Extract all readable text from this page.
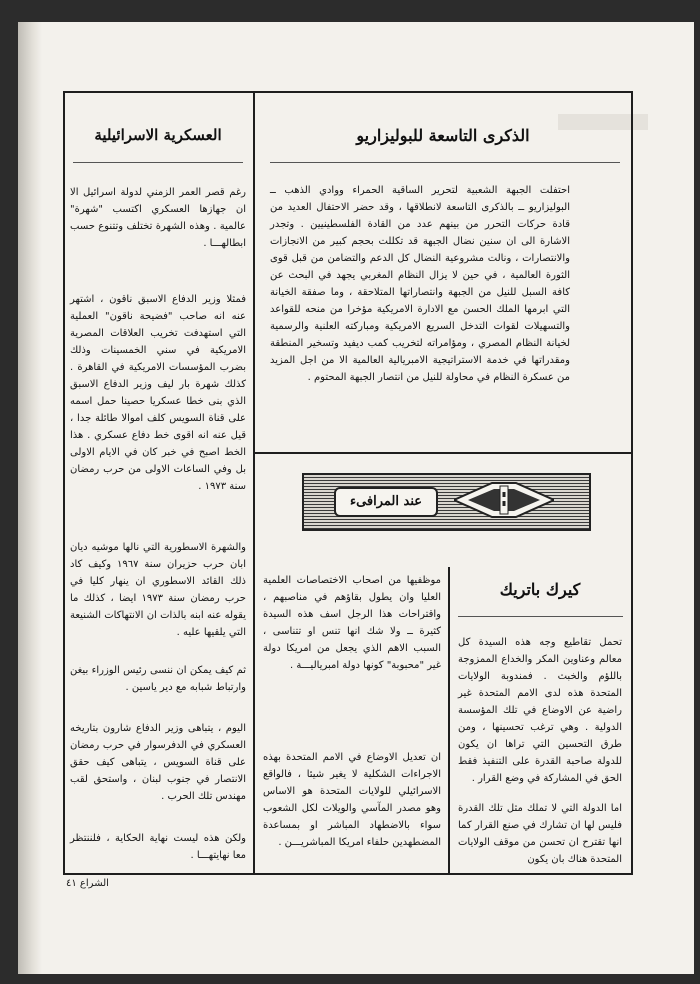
العسكرية الاسرائيلية

رغم قصر العمر الزمني لدولة اسرائيل الا ان جهازها العسكري اكتسب "شهرة" عالمية . وهذه الشهرة تختلف وتتنوع حسب ابطالهـــا .

فمثلا وزير الدفاع الاسبق ناقون ، اشتهر عنه انه صاحب "فضيحة ناقون" العملية التي استهدفت تخريب العلاقات المصرية الامريكية في سني الخمسينات وذلك بضرب المؤسسات الامريكية في القاهرة . كذلك شهرة بار ليف وزير الدفاع الاسبق الذي بنى خطا عسكريا حصينا حمل اسمه على قناة السويس كلف اموالا طائلة جدا ، قيل عنه انه اقوى خط دفاع عسكري . هذا الخط اصبح في خبر كان في الايام الاولى بل وفي الساعات الاولى من حرب رمضان سنة ١٩٧٣ .

والشهرة الاسطورية التي نالها موشيه ديان ابان حرب حزيران سنة ١٩٦٧ وكيف كاد ذلك القائد الاسطوري ان ينهار كليا في حرب رمضان سنة ١٩٧٣ ايضا ، كذلك ما يقوله عنه ابنه بالذات ان الانتهاكات الشنيعة التي يلقيها عليه .

ثم كيف يمكن ان ننسى رئيس الوزراء بيغن وارتباط شبابه مع دير ياسين .

اليوم ، يتباهى وزير الدفاع شارون بتاريخه العسكري في الدفرسوار في حرب رمضان على قناة السويس ، يتباهى كيف حقق الانتصار في جنوب لبنان ، واستحق لقب مهندس تلك الحرب .

ولكن هذه ليست نهاية الحكاية ، فلننتظر معا نهايتهـــا .

الذكرى التاسعة للبوليزاريو

احتفلت الجبهة الشعبية لتحرير الساقية الحمراء ووادي الذهب ــ البوليزاريو ــ بالذكرى التاسعة لانطلاقها ، وقد حضر الاحتفال العديد من قادة حركات التحرر من بينهم عدد من القادة الفلسطينيين . وتجدر الاشارة الى ان سنين نضال الجبهة قد تكللت بحجم كبير من الانجازات والانتصارات ، ونالت مشروعية النضال كل الدعم والتضامن من قبل قوى الثورة العالمية ، في حين لا يزال النظام المغربي يجهد في البحث عن كافة السبل للنيل من الجبهة وانتصاراتها المتلاحقة ، وما صفقة الخيانة التي ابرمها الملك الحسن مع الادارة الامريكية مؤخرا من منحه للقواعد والتسهيلات لقوات التدخل السريع الامريكية ومباركته العلنية والرسمية لخيانة النظام المصري ، ومؤامراته لتخريب كمب ديفيد وتسخير المنطقة ومقدراتها في خدمة الاستراتيجية الامبريالية العالمية الا من اجل المزيد من عسكرة النظام في محاولة للنيل من انتصار الجبهة المحتوم .

عند المرافىء

موظفيها من اصحاب الاختصاصات العلمية العليا وان يطول بقاؤهم في مناصبهم ، واقتراحات هذا الرجل اسف هذه السيدة كثيرة ــ ولا شك انها تنس او تتناسى ، السبب الاهم الذي يجعل من امريكا دولة غير "محبوبة" كونها دولة امبرياليـــة .

ان تعديل الاوضاع في الامم المتحدة بهذه الاجراءات الشكلية لا يغير شيئا ، فالواقع الاسرائيلي للولايات المتحدة هو الاساس وهو مصدر المآسي والويلات لكل الشعوب سواء بالاضطهاد المباشر او بمساعدة المضطهدين حلفاء امريكا المباشريـــن .

كيرك باتريك

تحمل تقاطيع وجه هذه السيدة كل معالم وعناوين المكر والخداع الممزوجة باللؤم والخبث . فمندوبة الولايات المتحدة هذه لدى الامم المتحدة غير راضية عن الاوضاع في تلك المؤسسة الدولية . وهي ترغب تحسينها ، ومن طرق التحسين التي تراها ان يكون للدولة صاحبة القدرة على التنفيذ فقط الحق في المشاركة في وضع القرار .

اما الدولة التي لا تملك مثل تلك القدرة فليس لها ان تشارك في صنع القرار كما انها تقترح ان تحسن من موقف الولايات المتحدة هناك بان يكون

الشراع ٤١
